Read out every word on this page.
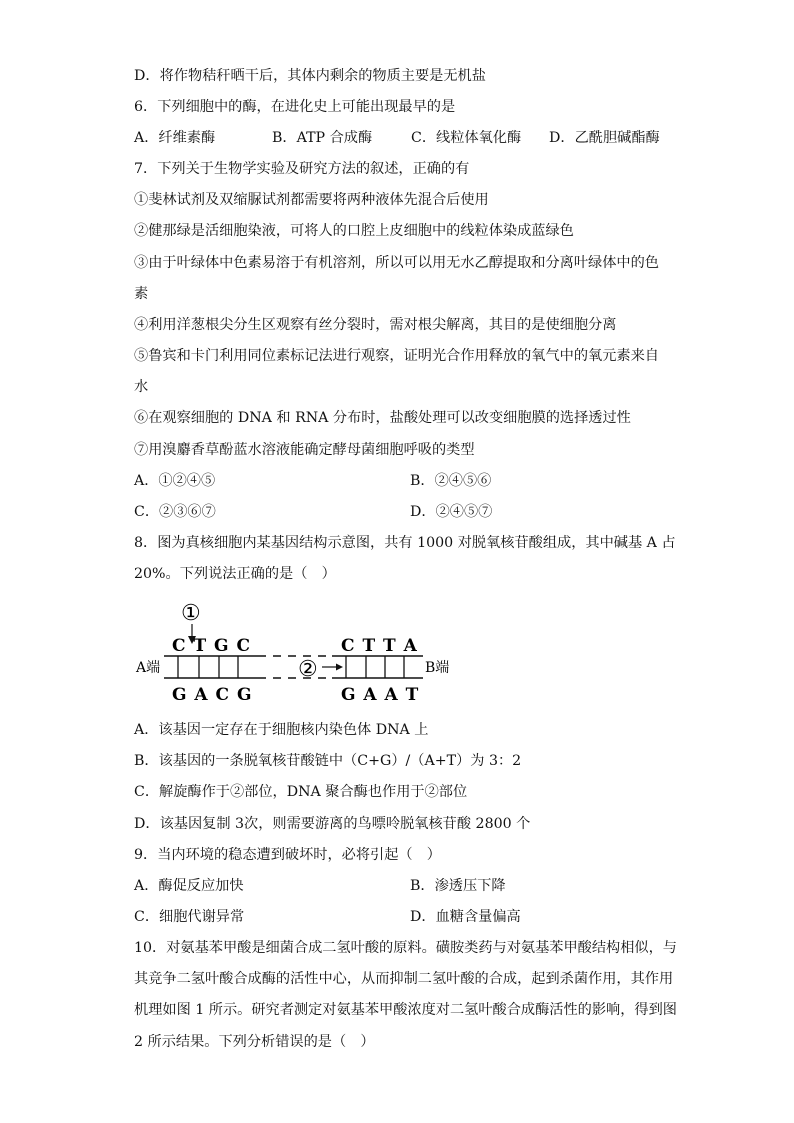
D．将作物秸秆晒干后，其体内剩余的物质主要是无机盐
6．下列细胞中的酶，在进化史上可能出现最早的是
A．纤维素酶	B．ATP 合成酶	C．线粒体氧化酶 D．乙酰胆碱酯酶
7．下列关于生物学实验及研究方法的叙述，正确的有
①斐林试剂及双缩脲试剂都需要将两种液体先混合后使用
②健那绿是活细胞染液，可将人的口腔上皮细胞中的线粒体染成蓝绿色
③由于叶绿体中色素易溶于有机溶剂，所以可以用无水乙醇提取和分离叶绿体中的色
素
④利用洋葱根尖分生区观察有丝分裂时，需对根尖解离，其目的是使细胞分离
⑤鲁宾和卡门利用同位素标记法进行观察，证明光合作用释放的氧气中的氧元素来自
水
⑥在观察细胞的 DNA 和 RNA 分布时，盐酸处理可以改变细胞膜的选择透过性
⑦用溴麝香草酚蓝水溶液能确定酵母菌细胞呼吸的类型
A．①②④⑤	B．②④⑤⑥
C．②③⑥⑦	D．②④⑤⑦
8．图为真核细胞内某基因结构示意图，共有 1000 对脱氧核苷酸组成，其中碱基 A 占
20%。下列说法正确的是（　）
①
C T G C	C T T A
A端	B端
②
G A C G	G A A T
A．该基因一定存在于细胞核内染色体 DNA 上
B．该基因的一条脱氧核苷酸链中（C+G）/（A+T）为 3：2
C．解旋酶作于②部位，DNA 聚合酶也作用于②部位
D．该基因复制 3次，则需要游离的鸟嘌呤脱氧核苷酸 2800 个
9．当内环境的稳态遭到破坏时，必将引起（　）
A．酶促反应加快	B．渗透压下降
C．细胞代谢异常	D．血糖含量偏高
10．对氨基苯甲酸是细菌合成二氢叶酸的原料。磺胺类药与对氨基苯甲酸结构相似，与
其竞争二氢叶酸合成酶的活性中心，从而抑制二氢叶酸的合成，起到杀菌作用，其作用
机理如图 1 所示。研究者测定对氨基苯甲酸浓度对二氢叶酸合成酶活性的影响，得到图
2 所示结果。下列分析错误的是（　）
